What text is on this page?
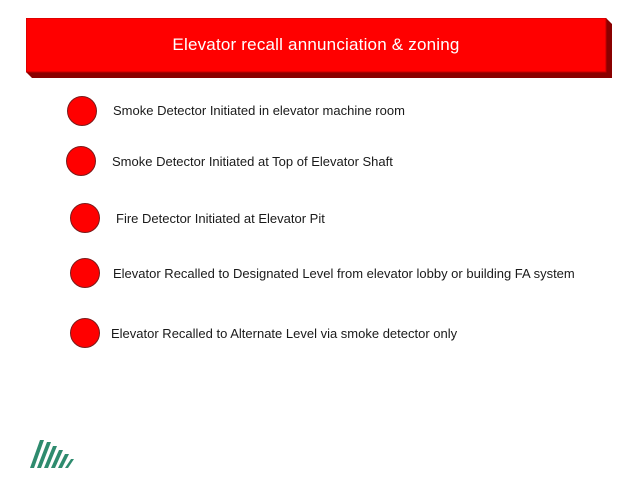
Elevator recall annunciation & zoning
Smoke Detector Initiated in elevator machine room
Smoke Detector Initiated at Top of Elevator Shaft
Fire Detector Initiated at Elevator Pit
Elevator Recalled to Designated Level from elevator lobby or building FA system
Elevator Recalled to Alternate Level via smoke detector only
